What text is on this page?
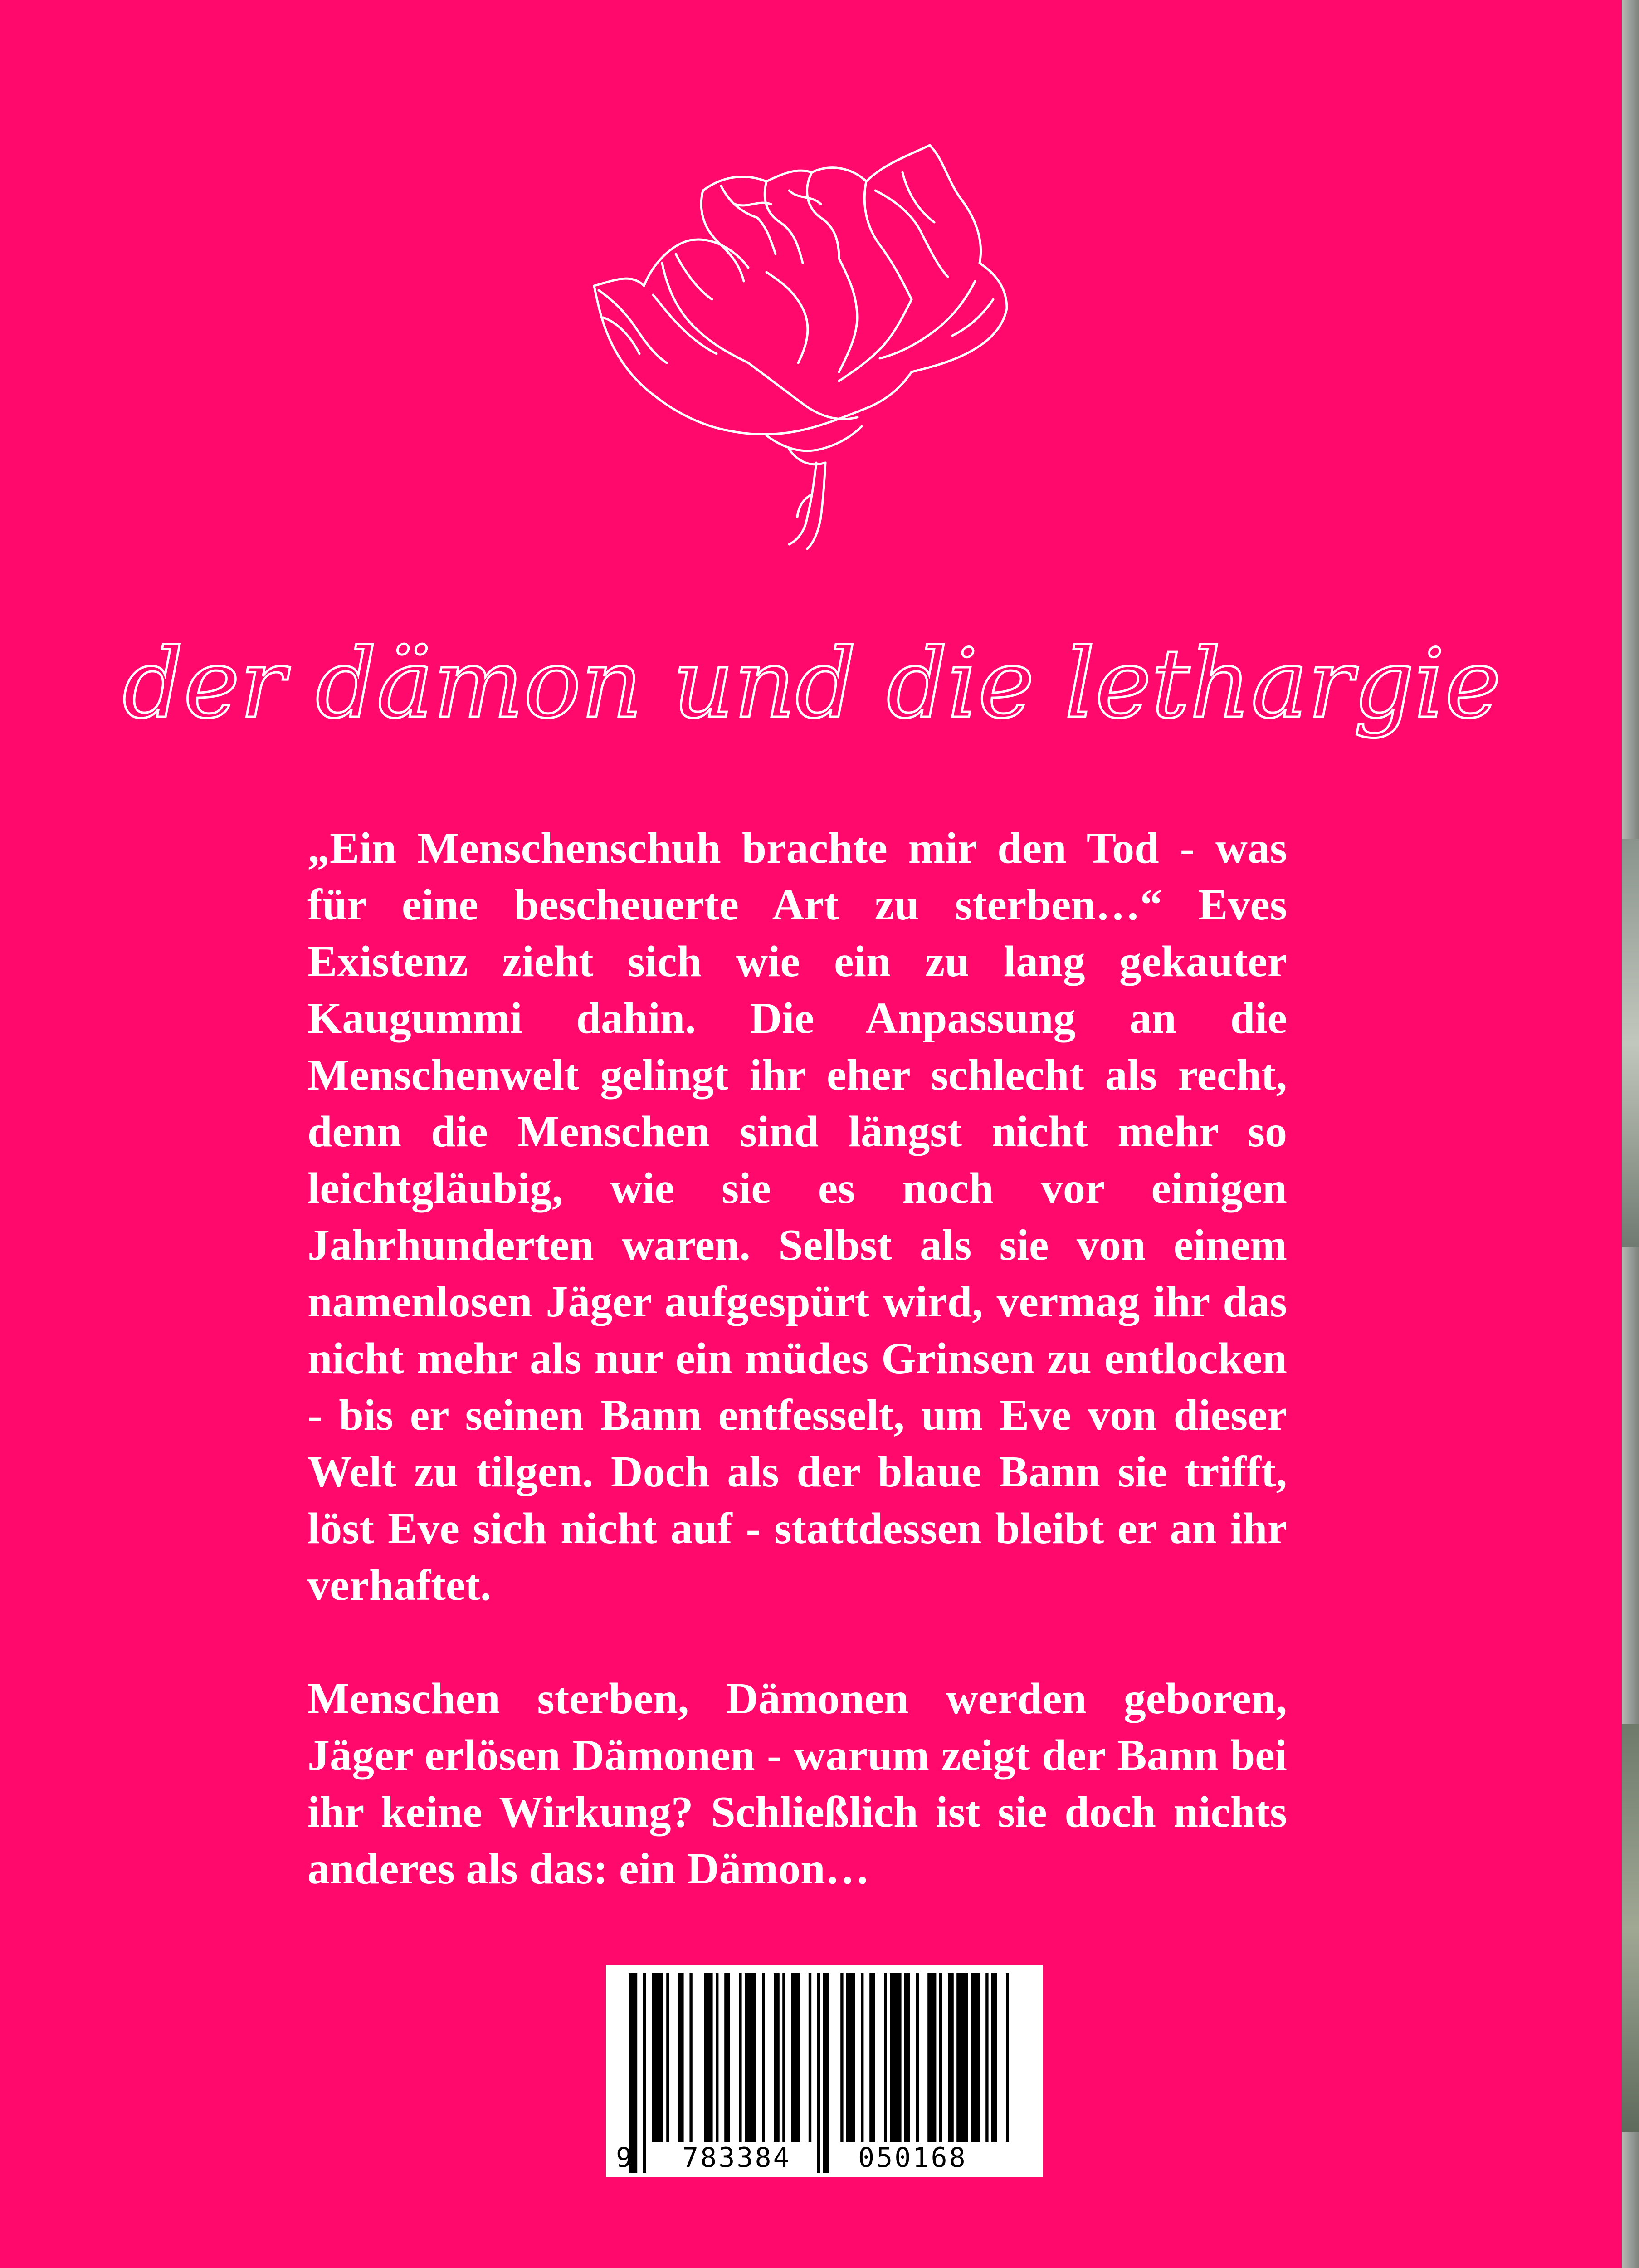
der dämon und die lethargie

„Ein Menschenschuh brachte mir den Tod - was für eine bescheuerte Art zu sterben…“ Eves Existenz zieht sich wie ein zu lang gekauter Kaugummi dahin. Die Anpassung an die Menschenwelt gelingt ihr eher schlecht als recht, denn die Menschen sind längst nicht mehr so leichtgläubig, wie sie es noch vor einigen Jahrhunderten waren. Selbst als sie von einem namenlosen Jäger aufgespürt wird, vermag ihr das nicht mehr als nur ein müdes Grinsen zu entlocken - bis er seinen Bann entfesselt, um Eve von dieser Welt zu tilgen. Doch als der blaue Bann sie trifft, löst Eve sich nicht auf - stattdessen bleibt er an ihr verhaftet.

Menschen sterben, Dämonen werden geboren, Jäger erlösen Dämonen - warum zeigt der Bann bei ihr keine Wirkung? Schließlich ist sie doch nichts anderes als das: ein Dämon…

9 783384 050168
